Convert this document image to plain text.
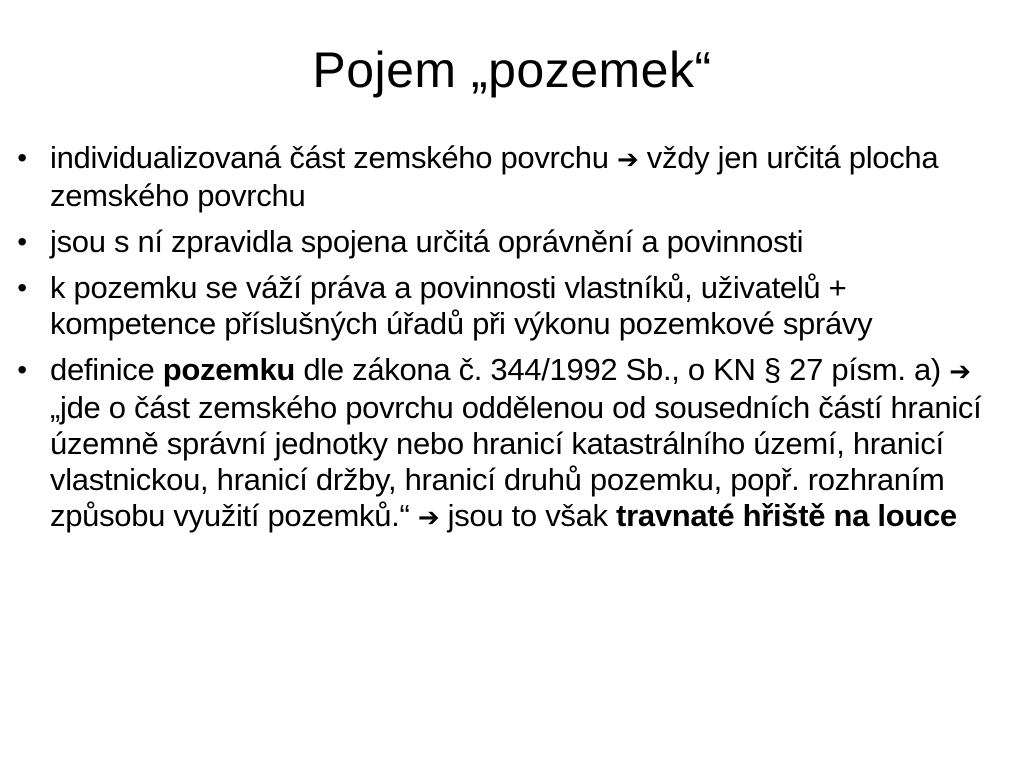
Pojem „pozemek“
• individualizovaná část zemského povrchu ➔ vždy jen určitá plocha zemského povrchu
• jsou s ní zpravidla spojena určitá oprávnění a povinnosti
• k pozemku se váží práva a povinnosti vlastníků, uživatelů + kompetence příslušných úřadů při výkonu pozemkové správy
• definice pozemku dle zákona č. 344/1992 Sb., o KN § 27 písm. a) ➔ „jde o část zemského povrchu oddělenou od sousedních částí hranicí územně správní jednotky nebo hranicí katastrálního území, hranicí vlastnickou, hranicí držby, hranicí druhů pozemku, popř. rozhraním způsobu využití pozemků.“ ➔ jsou to však travnaté hřiště na louce
